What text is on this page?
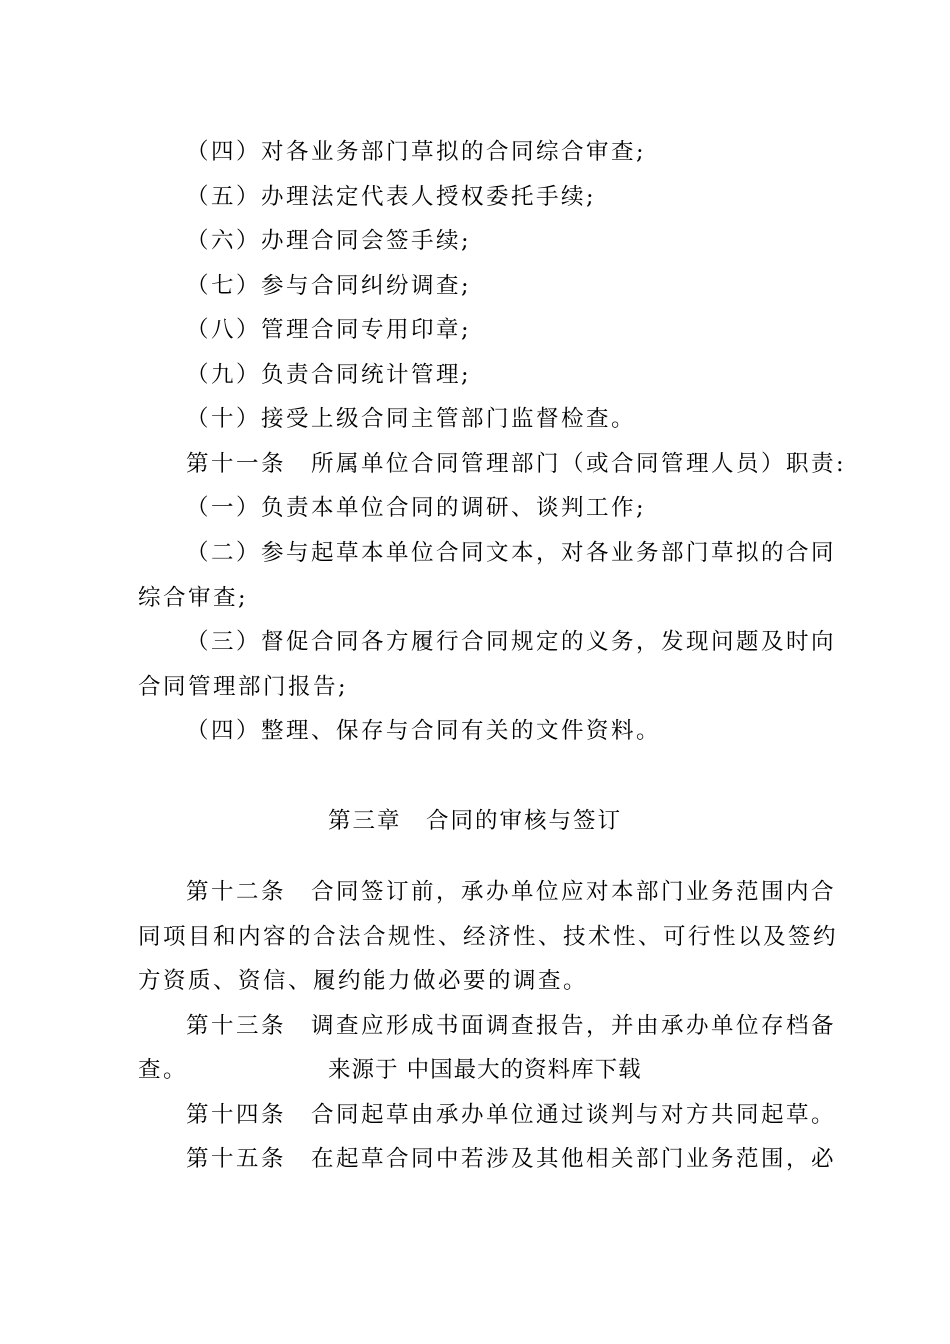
（四）对各业务部门草拟的合同综合审查;
（五）办理法定代表人授权委托手续;
（六）办理合同会签手续;
（七）参与合同纠纷调查;
（八）管理合同专用印章;
（九）负责合同统计管理;
（十）接受上级合同主管部门监督检查。
第十一条　所属单位合同管理部门（或合同管理人员）职责:
（一）负责本单位合同的调研、谈判工作;
（二）参与起草本单位合同文本，对各业务部门草拟的合同
综合审查;
（三）督促合同各方履行合同规定的义务，发现问题及时向
合同管理部门报告;
（四）整理、保存与合同有关的文件资料。
第三章　合同的审核与签订
第十二条　合同签订前，承办单位应对本部门业务范围内合
同项目和内容的合法合规性、经济性、技术性、可行性以及签约
方资质、资信、履约能力做必要的调查。
第十三条　调查应形成书面调查报告，并由承办单位存档备
查。	来源于 中国最大的资料库下载
第十四条　合同起草由承办单位通过谈判与对方共同起草。
第十五条　在起草合同中若涉及其他相关部门业务范围，必
